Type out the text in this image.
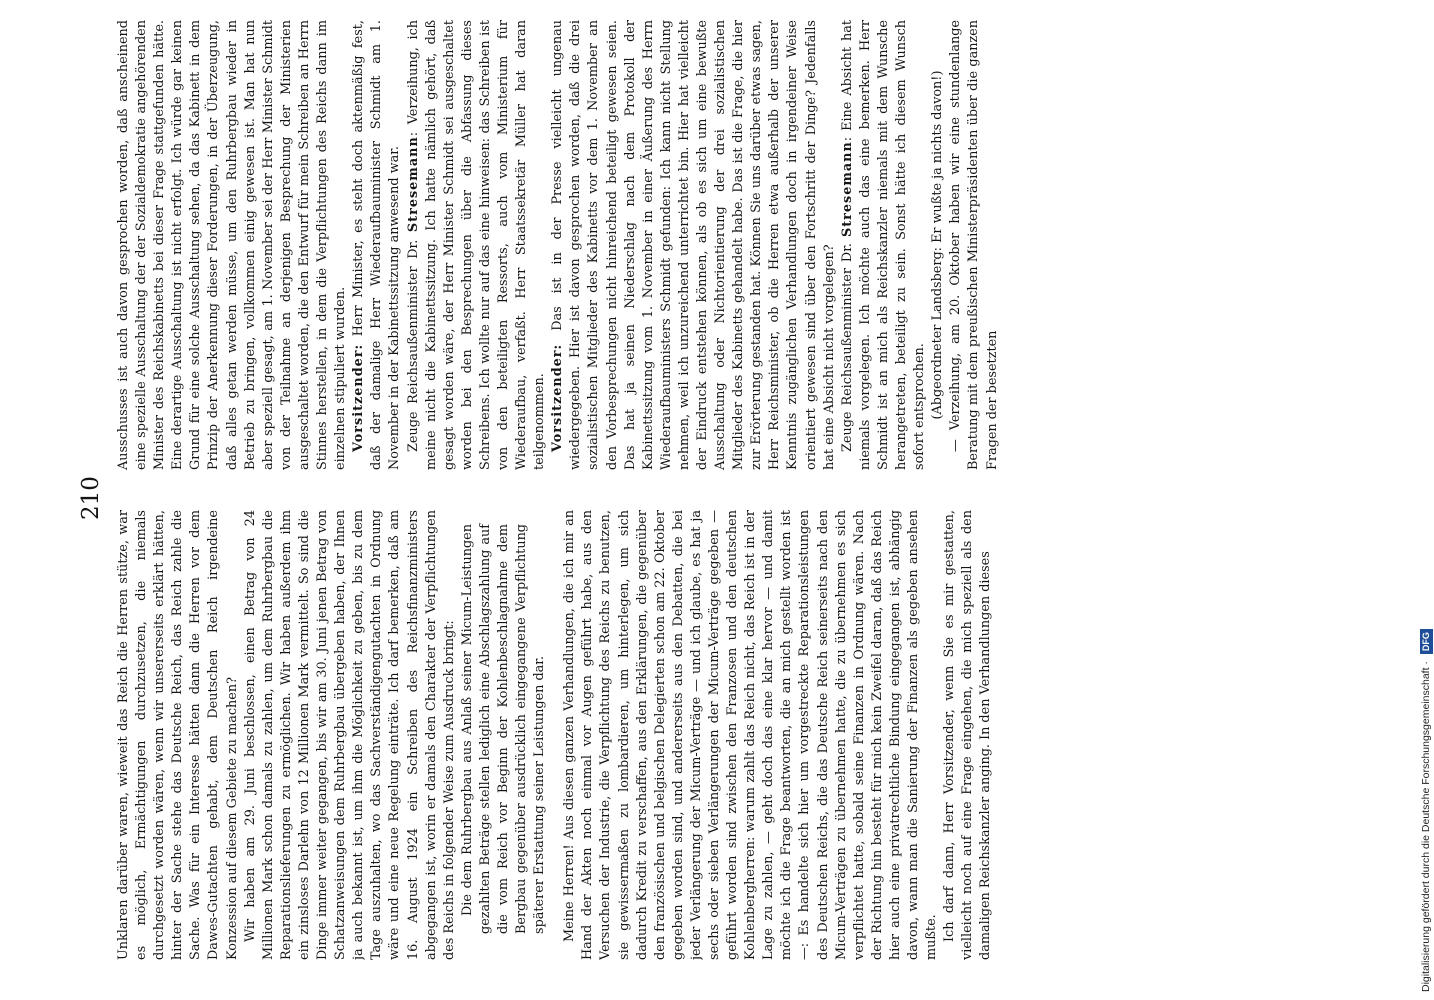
210

Unklaren darüber waren, wieweit das Reich die Herren stütze, war es möglich, Ermächtigungen durchzusetzen, die niemals durchgesetzt worden wären, wenn wir unsererseits erklärt hätten, hinter der Sache stehe das Deutsche Reich, das Reich zahle die Sache. Was für ein Interesse hätten dann die Herren vor dem Dawes-Gutachten gehabt, dem Deutschen Reich irgendeine Konzession auf diesem Gebiete zu machen? Wir haben am 29. Juni beschlossen, einen Betrag von 24 Millionen Mark schon damals zu zahlen, um dem Ruhrbergbau die Reparationslieferungen zu ermöglichen. Wir haben außerdem ihm ein zinsloses Darlehn von 12 Millionen Mark vermittelt. So sind die Dinge immer weiter gegangen, bis wir am 30. Juni jenen Betrag von Schatzanweisungen dem Ruhrbergbau übergeben haben, der Ihnen ja auch bekannt ist, um ihm die Möglichkeit zu geben, bis zu dem Tage auszuhalten, wo das Sachverständigengutachten in Ordnung wäre und eine neue Regelung einträte. Ich darf bemerken, daß am 16. August 1924 ein Schreiben des Reichsfinanzministers abgegangen ist, worin er damals den Charakter der Verpflichtungen des Reichs in folgender Weise zum Ausdruck bringt: Die dem Ruhrbergbau aus Anlaß seiner Micum-Leistungen gezahlten Beträge stellen lediglich eine Abschlagszahlung auf die vom Reich vor Beginn der Kohlenbeschlagnahme dem Bergbau gegenüber ausdrücklich eingegangene Verpflichtung späterer Erstattung seiner Leistungen dar. Meine Herren! Aus diesen ganzen Verhandlungen, die ich mir an Hand der Akten noch einmal vor Augen geführt habe, aus den Versuchen der Industrie, die Verpflichtung des Reichs zu benutzen, sie gewissermaßen zu lombardieren, um hinterlegen, um sich dadurch Kredit zu verschaffen, aus den Erklärungen, die gegenüber den französischen und belgischen Delegierten schon am 22. Oktober gegeben worden sind, und andererseits aus den Debatten, die bei jeder Verlängerung der Micum-Verträge — und ich glaube, es hat ja sechs oder sieben Verlängerungen der Micum-Verträge gegeben — geführt worden sind zwischen den Franzosen und den deutschen Kohlenbergherren: warum zahlt das Reich nicht, das Reich ist in der Lage zu zahlen, — geht doch das eine klar hervor — und damit möchte ich die Frage beantworten, die an mich gestellt worden ist —: Es handelte sich hier um vorgestreckte Reparationsleistungen des Deutschen Reichs, die das Deutsche Reich seinerseits nach den Micum-Verträgen zu übernehmen hatte, die zu übernehmen es sich verpflichtet hatte, sobald seine Finanzen in Ordnung wären. Nach der Richtung hin besteht für mich kein Zweifel daran, daß das Reich hier auch eine privatrechtliche Bindung eingegangen ist, abhängig davon, wann man die Sanierung der Finanzen als gegeben ansehen mußte. Ich darf dann, Herr Vorsitzender, wenn Sie es mir gestatten, vielleicht noch auf eine Frage eingehen, die mich speziell als den damaligen Reichskanzler anging. In den Verhandlungen dieses

Ausschusses ist auch davon gesprochen worden, daß anscheinend eine spezielle Ausschaltung der der Sozialdemokratie angehörenden Minister des Reichskabinetts bei dieser Frage stattgefunden hätte. Eine derartige Ausschaltung ist nicht erfolgt. Ich würde gar keinen Grund für eine solche Ausschaltung sehen, da das Kabinett in dem Prinzip der Anerkennung dieser Forderungen, in der Überzeugung, daß alles getan werden müsse, um den Ruhrbergbau wieder in Betrieb zu bringen, vollkommen einig gewesen ist. Man hat nun aber speziell gesagt, am 1. November sei der Herr Minister Schmidt von der Teilnahme an derjenigen Besprechung der Ministerien ausgeschaltet worden, die den Entwurf für mein Schreiben an Herrn Stinnes herstellen, in dem die Verpflichtungen des Reichs dann im einzelnen stipuliert wurden. Vorsitzender: Herr Minister, es steht doch aktenmäßig fest, daß der damalige Herr Wiederaufbauminister Schmidt am 1. November in der Kabinettssitzung anwesend war. Zeuge Reichsaußenminister Dr. Stresemann: Verzeihung, ich meine nicht die Kabinettssitzung. Ich hatte nämlich gehört, daß gesagt worden wäre, der Herr Minister Schmidt sei ausgeschaltet worden bei den Besprechungen über die Abfassung dieses Schreibens. Ich wollte nur auf das eine hinweisen: das Schreiben ist von den beteiligten Ressorts, auch vom Ministerium für Wiederaufbau, verfaßt. Herr Staatssekretär Müller hat daran teilgenommen. Vorsitzender: Das ist in der Presse vielleicht ungenau wiedergegeben. Hier ist davon gesprochen worden, daß die drei sozialistischen Mitglieder des Kabinetts vor dem 1. November an den Vorbesprechungen nicht hinreichend beteiligt gewesen seien. Das hat ja seinen Niederschlag nach dem Protokoll der Kabinettssitzung vom 1. November in einer Äußerung des Herrn Wiederaufbauministers Schmidt gefunden: Ich kann nicht Stellung nehmen, weil ich unzureichend unterrichtet bin. Hier hat vielleicht der Eindruck entstehen können, als ob es sich um eine bewußte Ausschaltung oder Nichtorientierung der drei sozialistischen Mitglieder des Kabinetts gehandelt habe. Das ist die Frage, die hier zur Erörterung gestanden hat. Können Sie uns darüber etwas sagen, Herr Reichsminister, ob die Herren etwa außerhalb der unserer Kenntnis zugänglichen Verhandlungen doch in irgendeiner Weise orientiert gewesen sind über den Fortschritt der Dinge? Jedenfalls hat eine Absicht nicht vorgelegen? Zeuge Reichsaußenminister Dr. Stresemann: Eine Absicht hat niemals vorgelegen. Ich möchte auch das eine bemerken. Herr Schmidt ist an mich als Reichskanzler niemals mit dem Wunsche herangetreten, beteiligt zu sein. Sonst hätte ich diesem Wunsch sofort entsprochen. (Abgeordneter Landsberg: Er wußte ja nichts davon!) — Verzeihung, am 20. Oktober haben wir eine stundenlange Beratung mit dem preußischen Ministerpräsidenten über die ganzen Fragen der besetzten

Digitalisierung gefördert durch die Deutsche Forschungsgemeinschaft · DFG
